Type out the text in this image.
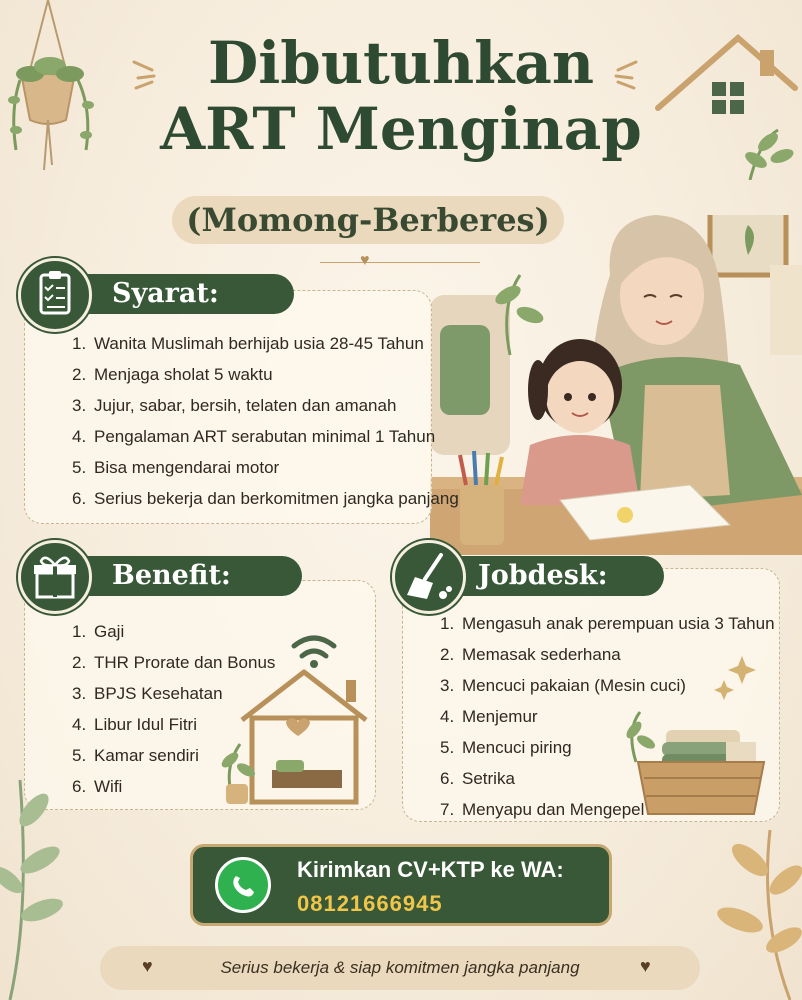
Dibutuhkan
ART Menginap
(Momong-Berberes)
♥
Syarat:
1. Wanita Muslimah berhijab usia 28-45 Tahun
2. Menjaga sholat 5 waktu
3. Jujur, sabar, bersih, telaten dan amanah
4. Pengalaman ART serabutan minimal 1 Tahun
5. Bisa mengendarai motor
6. Serius bekerja dan berkomitmen jangka panjang
Benefit:
1. Gaji
2. THR Prorate dan Bonus
3. BPJS Kesehatan
4. Libur Idul Fitri
5. Kamar sendiri
6. Wifi
Jobdesk:
1. Mengasuh anak perempuan usia 3 Tahun
2. Memasak sederhana
3. Mencuci pakaian (Mesin cuci)
4. Menjemur
5. Mencuci piring
6. Setrika
7. Menyapu dan Mengepel
Kirimkan CV+KTP ke WA:
08121666945
♥	Serius bekerja & siap komitmen jangka panjang	♥
